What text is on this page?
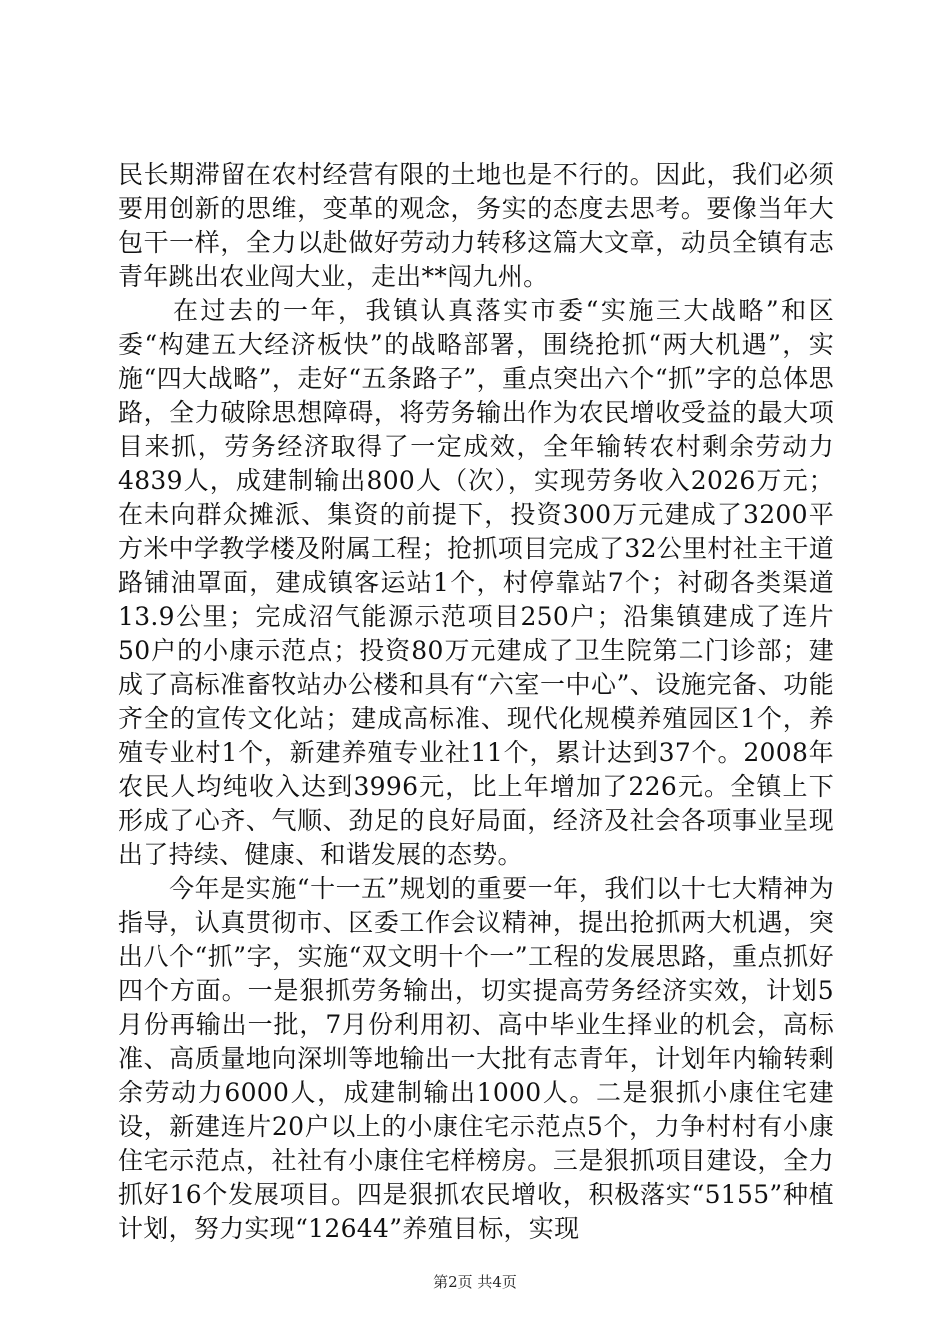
民长期滞留在农村经营有限的土地也是不行的。因此，我们必须要用创新的思维，变革的观念，务实的态度去思考。要像当年大包干一样，全力以赴做好劳动力转移这篇大文章，动员全镇有志青年跳出农业闯大业，走出**闯九州。

　　在过去的一年，我镇认真落实市委“实施三大战略”和区委“构建五大经济板快”的战略部署，围绕抢抓“两大机遇”，实施“四大战略”，走好“五条路子”，重点突出六个“抓”字的总体思路，全力破除思想障碍，将劳务输出作为农民增收受益的最大项目来抓，劳务经济取得了一定成效，全年输转农村剩余劳动力4839人，成建制输出800人（次），实现劳务收入2026万元；在未向群众摊派、集资的前提下，投资300万元建成了3200平方米中学教学楼及附属工程；抢抓项目完成了32公里村社主干道路铺油罩面，建成镇客运站1个，村停靠站7个；衬砌各类渠道13.9公里；完成沼气能源示范项目250户；沿集镇建成了连片50户的小康示范点；投资80万元建成了卫生院第二门诊部；建成了高标准畜牧站办公楼和具有“六室一中心”、设施完备、功能齐全的宣传文化站；建成高标准、现代化规模养殖园区1个，养殖专业村1个，新建养殖专业社11个，累计达到37个。2008年农民人均纯收入达到3996元，比上年增加了226元。全镇上下形成了心齐、气顺、劲足的良好局面，经济及社会各项事业呈现出了持续、健康、和谐发展的态势。

　　今年是实施“十一五”规划的重要一年，我们以十七大精神为指导，认真贯彻市、区委工作会议精神，提出抢抓两大机遇，突出八个“抓”字，实施“双文明十个一”工程的发展思路，重点抓好四个方面。一是狠抓劳务输出，切实提高劳务经济实效，计划5月份再输出一批，7月份利用初、高中毕业生择业的机会，高标准、高质量地向深圳等地输出一大批有志青年，计划年内输转剩余劳动力6000人，成建制输出1000人。二是狠抓小康住宅建设，新建连片20户以上的小康住宅示范点5个，力争村村有小康住宅示范点，社社有小康住宅样榜房。三是狠抓项目建设，全力抓好16个发展项目。四是狠抓农民增收，积极落实“5155”种植计划，努力实现“12644”养殖目标，实现

第2页 共4页
